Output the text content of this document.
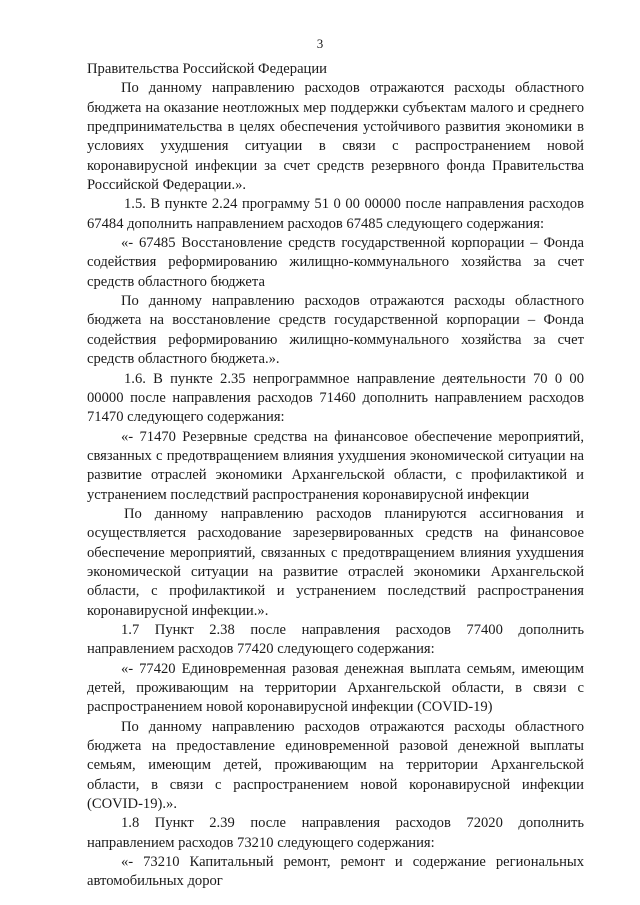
3

Правительства Российской Федерации

По данному направлению расходов отражаются расходы областного бюджета на оказание неотложных мер поддержки субъектам малого и среднего предпринимательства в целях обеспечения устойчивого развития экономики в условиях ухудшения ситуации в связи с распространением новой коронавирусной инфекции за счет средств резервного фонда Правительства Российской Федерации.».

1.5. В пункте 2.24 программу 51 0 00 00000 после направления расходов 67484 дополнить направлением расходов 67485 следующего содержания:

«- 67485 Восстановление средств государственной корпорации – Фонда содействия реформированию жилищно-коммунального хозяйства за счет средств областного бюджета

По данному направлению расходов отражаются расходы областного бюджета на восстановление средств государственной корпорации – Фонда содействия реформированию жилищно-коммунального хозяйства за счет средств областного бюджета.».

1.6. В пункте 2.35 непрограммное направление деятельности 70 0 00 00000 после направления расходов 71460 дополнить направлением расходов 71470 следующего содержания:

«- 71470 Резервные средства на финансовое обеспечение мероприятий, связанных с предотвращением влияния ухудшения экономической ситуации на развитие отраслей экономики Архангельской области, с профилактикой и устранением последствий распространения коронавирусной инфекции

По данному направлению расходов планируются ассигнования и осуществляется расходование зарезервированных средств на финансовое обеспечение мероприятий, связанных с предотвращением влияния ухудшения экономической ситуации на развитие отраслей экономики Архангельской области, с профилактикой и устранением последствий распространения коронавирусной инфекции.».

1.7 Пункт 2.38 после направления расходов 77400 дополнить направлением расходов 77420 следующего содержания:

«- 77420 Единовременная разовая денежная выплата семьям, имеющим детей, проживающим на территории Архангельской области, в связи с распространением новой коронавирусной инфекции (COVID-19)

По данному направлению расходов отражаются расходы областного бюджета на предоставление единовременной разовой денежной выплаты семьям, имеющим детей, проживающим на территории Архангельской области, в связи с распространением новой коронавирусной инфекции (COVID-19).».

1.8 Пункт 2.39 после направления расходов 72020 дополнить направлением расходов 73210 следующего содержания:

«- 73210 Капитальный ремонт, ремонт и содержание региональных автомобильных дорог
